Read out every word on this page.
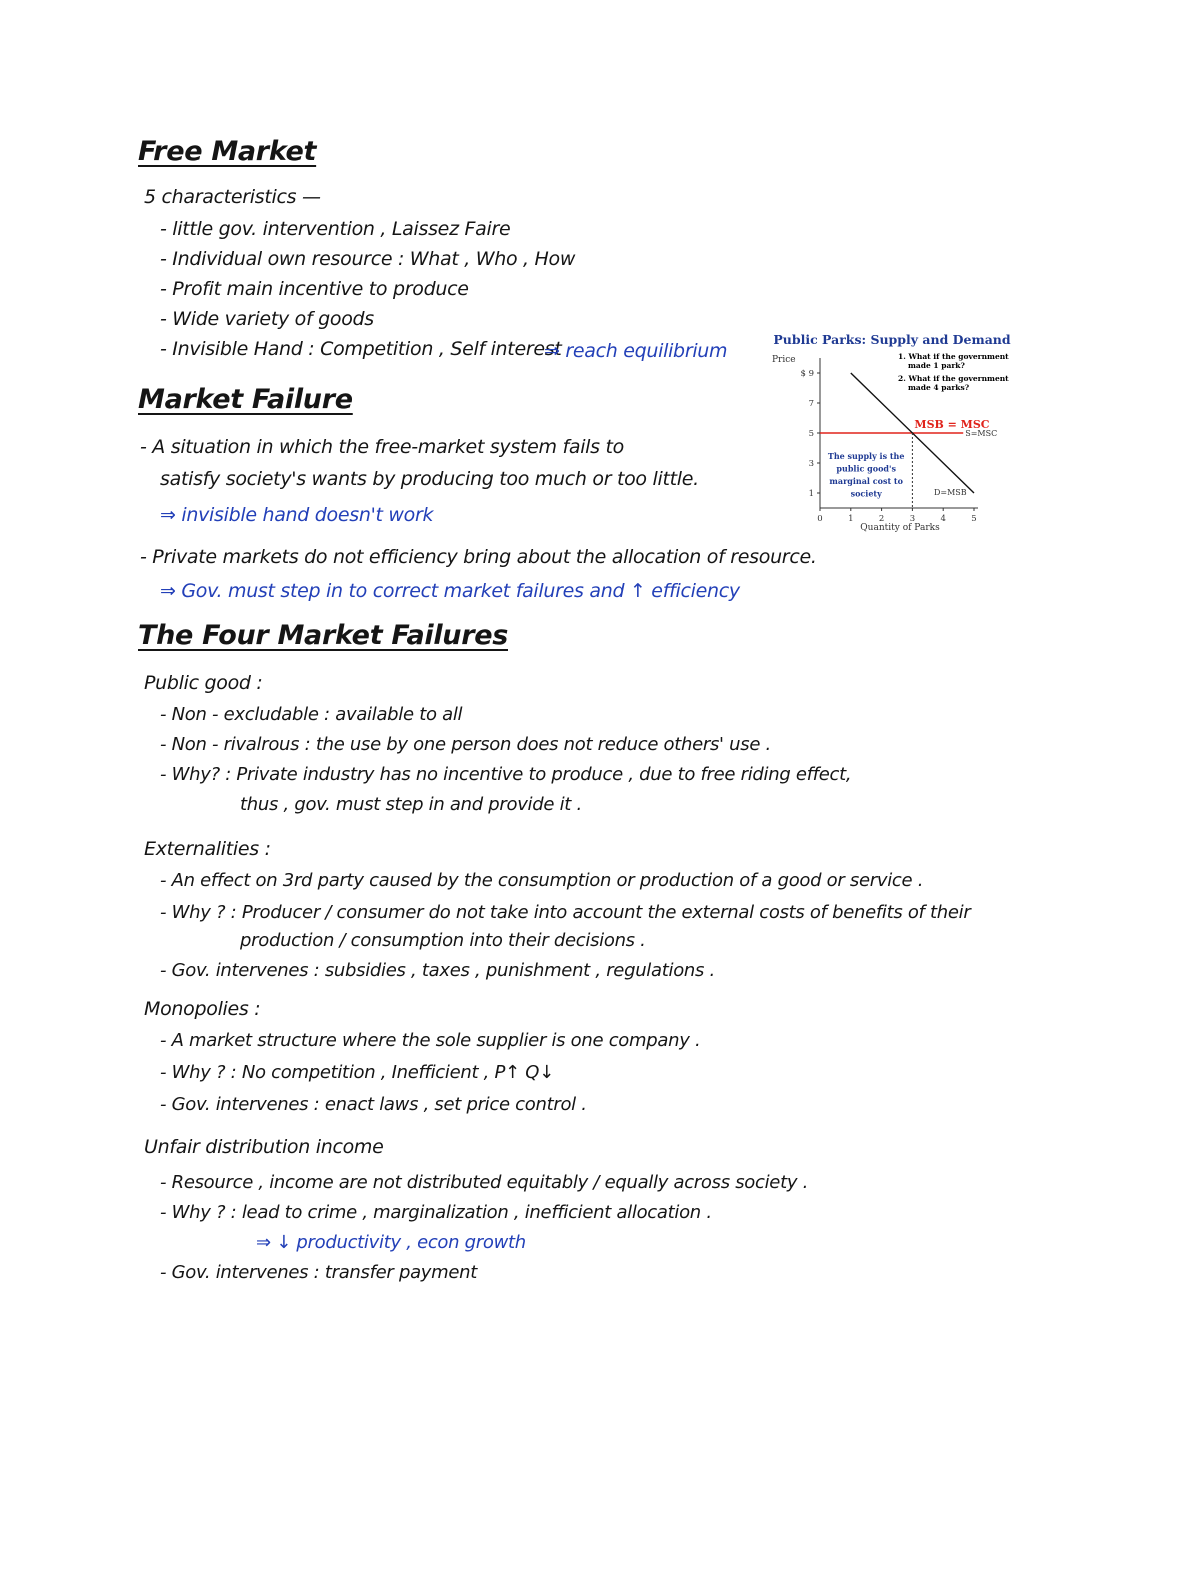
Free Market
5 characteristics —
- little gov. intervention , Laissez Faire
- Individual own resource : What , Who , How
- Profit main incentive to produce
- Wide variety of goods
- Invisible Hand : Competition , Self interest
⇒ reach equilibrium
Market Failure
- A situation in which the free-market system fails to
satisfy society's wants by producing too much or too little.
⇒ invisible hand doesn't work
- Private markets do not efficiency bring about the allocation of resource.
⇒ Gov. must step in to correct market failures and ↑ efficiency
The Four Market Failures
Public good :
- Non - excludable : available to all
- Non - rivalrous : the use by one person does not reduce others' use .
- Why? : Private industry has no incentive to produce , due to free riding effect,
thus , gov. must step in and provide it .
Externalities :
- An effect on 3rd party caused by the consumption or production of a good or service .
- Why ? : Producer / consumer do not take into account the external costs of benefits of their
production / consumption into their decisions .
- Gov. intervenes : subsidies , taxes , punishment , regulations .
Monopolies :
- A market structure where the sole supplier is one company .
- Why ? : No competition , Inefficient , P↑ Q↓
- Gov. intervenes : enact laws , set price control .
Unfair distribution income
- Resource , income are not distributed equitably / equally across society .
- Why ? : lead to crime , marginalization , inefficient allocation .
⇒ ↓ productivity , econ growth
- Gov. intervenes : transfer payment
Public Parks: Supply and Demand
Price	1. What if the government
made 1 park?
2. What if the government
made 4 parks?
$ 9
7
5
3
1
0	1	2	3	4	5
S=MSC
D=MSB
MSB = MSC
The supply is the
public good's
marginal cost to
society
Quantity of Parks
